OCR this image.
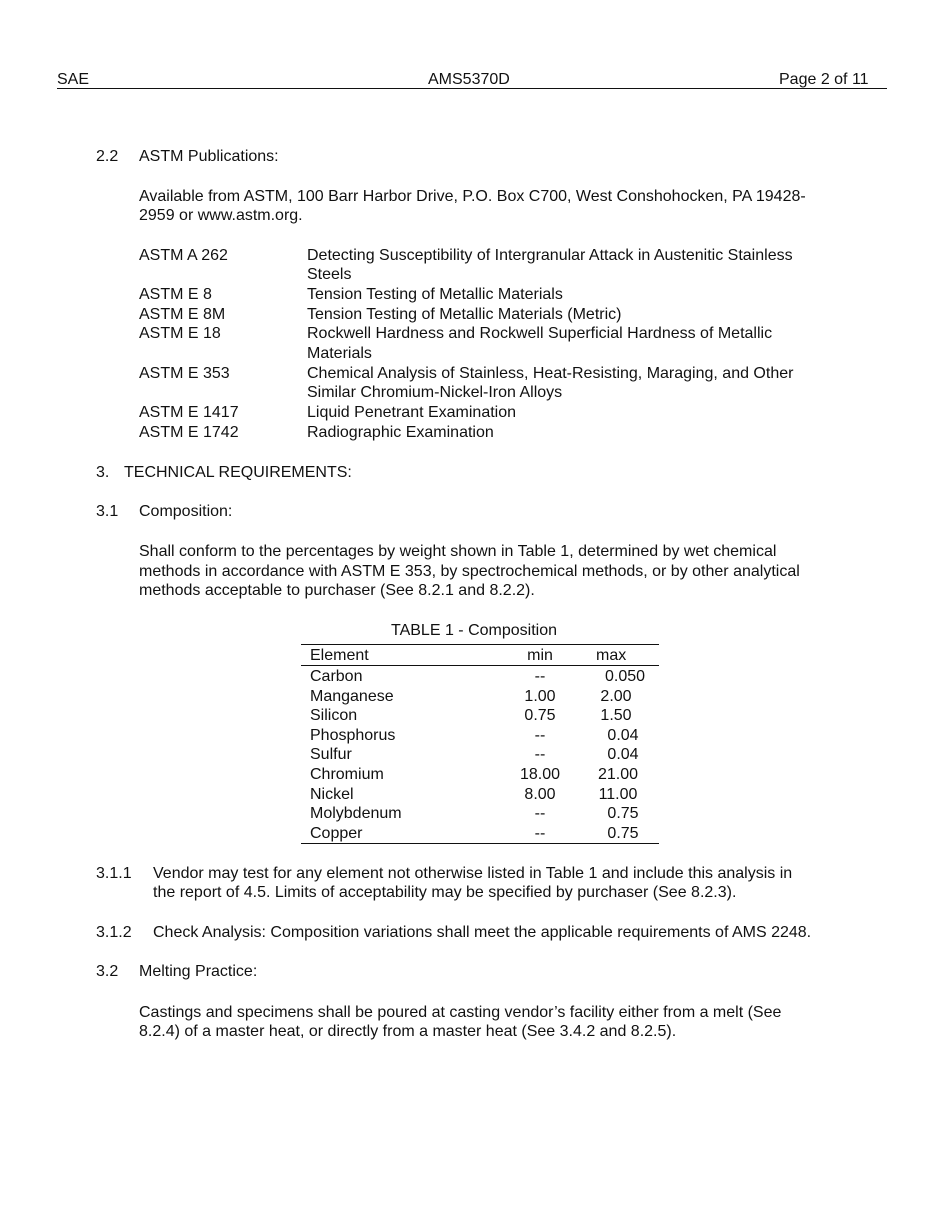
SAE	AMS5370D	Page 2 of 11
2.2 ASTM Publications:
Available from ASTM, 100 Barr Harbor Drive, P.O. Box C700, West Conshohocken, PA 19428-
2959 or www.astm.org.
ASTM A 262	Detecting Susceptibility of Intergranular Attack in Austenitic Stainless
Steels
ASTM E 8	Tension Testing of Metallic Materials
ASTM E 8M	Tension Testing of Metallic Materials (Metric)
ASTM E 18	Rockwell Hardness and Rockwell Superficial Hardness of Metallic
Materials
ASTM E 353	Chemical Analysis of Stainless, Heat-Resisting, Maraging, and Other
Similar Chromium-Nickel-Iron Alloys
ASTM E 1417	Liquid Penetrant Examination
ASTM E 1742	Radiographic Examination
3. TECHNICAL REQUIREMENTS:
3.1 Composition:
Shall conform to the percentages by weight shown in Table 1, determined by wet chemical
methods in accordance with ASTM E 353, by spectrochemical methods, or by other analytical
methods acceptable to purchaser (See 8.2.1 and 8.2.2).
TABLE 1 - Composition
Element	min	max
Carbon	--	0.050
Manganese	1.00	2.00
Silicon	0.75	1.50
Phosphorus	--	0.04
Sulfur	--	0.04
Chromium	18.00	21.00
Nickel	8.00	11.00
Molybdenum	--	0.75
Copper	--	0.75
3.1.1 Vendor may test for any element not otherwise listed in Table 1 and include this analysis in
the report of 4.5. Limits of acceptability may be specified by purchaser (See 8.2.3).
3.1.2 Check Analysis: Composition variations shall meet the applicable requirements of AMS 2248.
3.2 Melting Practice:
Castings and specimens shall be poured at casting vendor’s facility either from a melt (See
8.2.4) of a master heat, or directly from a master heat (See 3.4.2 and 8.2.5).
